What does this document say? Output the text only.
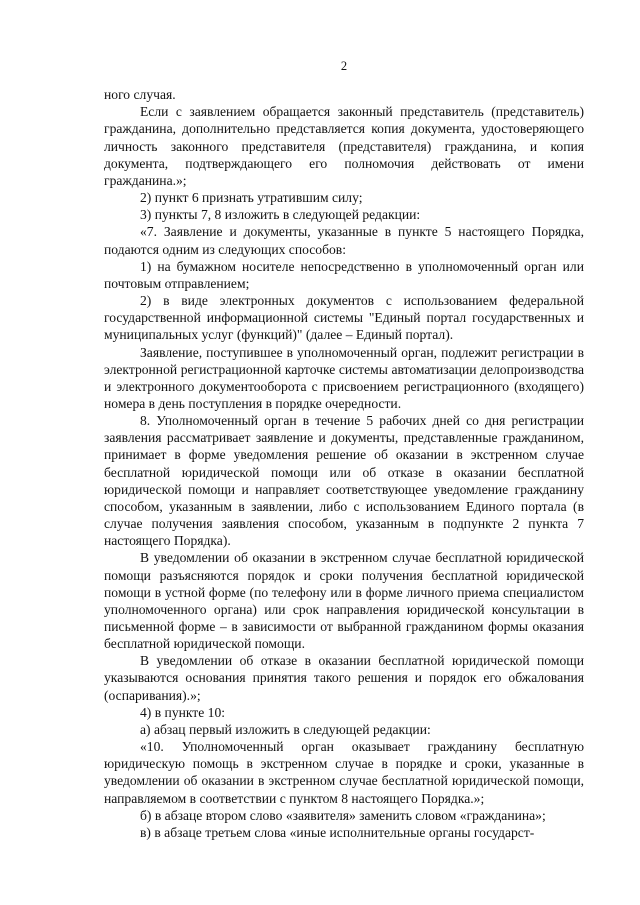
2

ного случая.

Если с заявлением обращается законный представитель (представитель) гражданина, дополнительно представляется копия документа, удостоверяющего личность законного представителя (представителя) гражданина, и копия документа, подтверждающего его полномочия действовать от имени гражданина.»;

2) пункт 6 признать утратившим силу;

3) пункты 7, 8 изложить в следующей редакции:

«7. Заявление и документы, указанные в пункте 5 настоящего Порядка, подаются одним из следующих способов:

1) на бумажном носителе непосредственно в уполномоченный орган или почтовым отправлением;

2) в виде электронных документов с использованием федеральной государственной информационной системы "Единый портал государственных и муниципальных услуг (функций)" (далее – Единый портал).

Заявление, поступившее в уполномоченный орган, подлежит регистрации в электронной регистрационной карточке системы автоматизации делопроизводства и электронного документооборота с присвоением регистрационного (входящего) номера в день поступления в порядке очередности.

8. Уполномоченный орган в течение 5 рабочих дней со дня регистрации заявления рассматривает заявление и документы, представленные гражданином, принимает в форме уведомления решение об оказании в экстренном случае бесплатной юридической помощи или об отказе в оказании бесплатной юридической помощи и направляет соответствующее уведомление гражданину способом, указанным в заявлении, либо с использованием Единого портала (в случае получения заявления способом, указанным в подпункте 2 пункта 7 настоящего Порядка).

В уведомлении об оказании в экстренном случае бесплатной юридической помощи разъясняются порядок и сроки получения бесплатной юридической помощи в устной форме (по телефону или в форме личного приема специалистом уполномоченного органа) или срок направления юридической консультации в письменной форме – в зависимости от выбранной гражданином формы оказания бесплатной юридической помощи.

В уведомлении об отказе в оказании бесплатной юридической помощи указываются основания принятия такого решения и порядок его обжалования (оспаривания).»;

4) в пункте 10:

а) абзац первый изложить в следующей редакции:

«10. Уполномоченный орган оказывает гражданину бесплатную юридическую помощь в экстренном случае в порядке и сроки, указанные в уведомлении об оказании в экстренном случае бесплатной юридической помощи, направляемом в соответствии с пунктом 8 настоящего Порядка.»;

б) в абзаце втором слово «заявителя» заменить словом «гражданина»;

в) в абзаце третьем слова «иные исполнительные органы государст-
